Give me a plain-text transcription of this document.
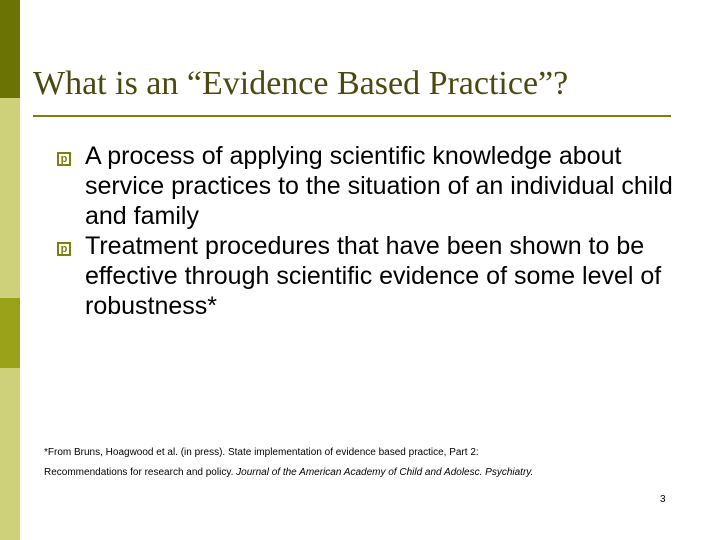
What is an “Evidence Based Practice”?
p A process of applying scientific knowledge about service practices to the situation of an individual child and family
p Treatment procedures that have been shown to be effective through scientific evidence of some level of robustness*
*From Bruns, Hoagwood et al. (in press). State implementation of evidence based practice, Part 2:
Recommendations for research and policy. Journal of the American Academy of Child and Adolesc. Psychiatry.
3
